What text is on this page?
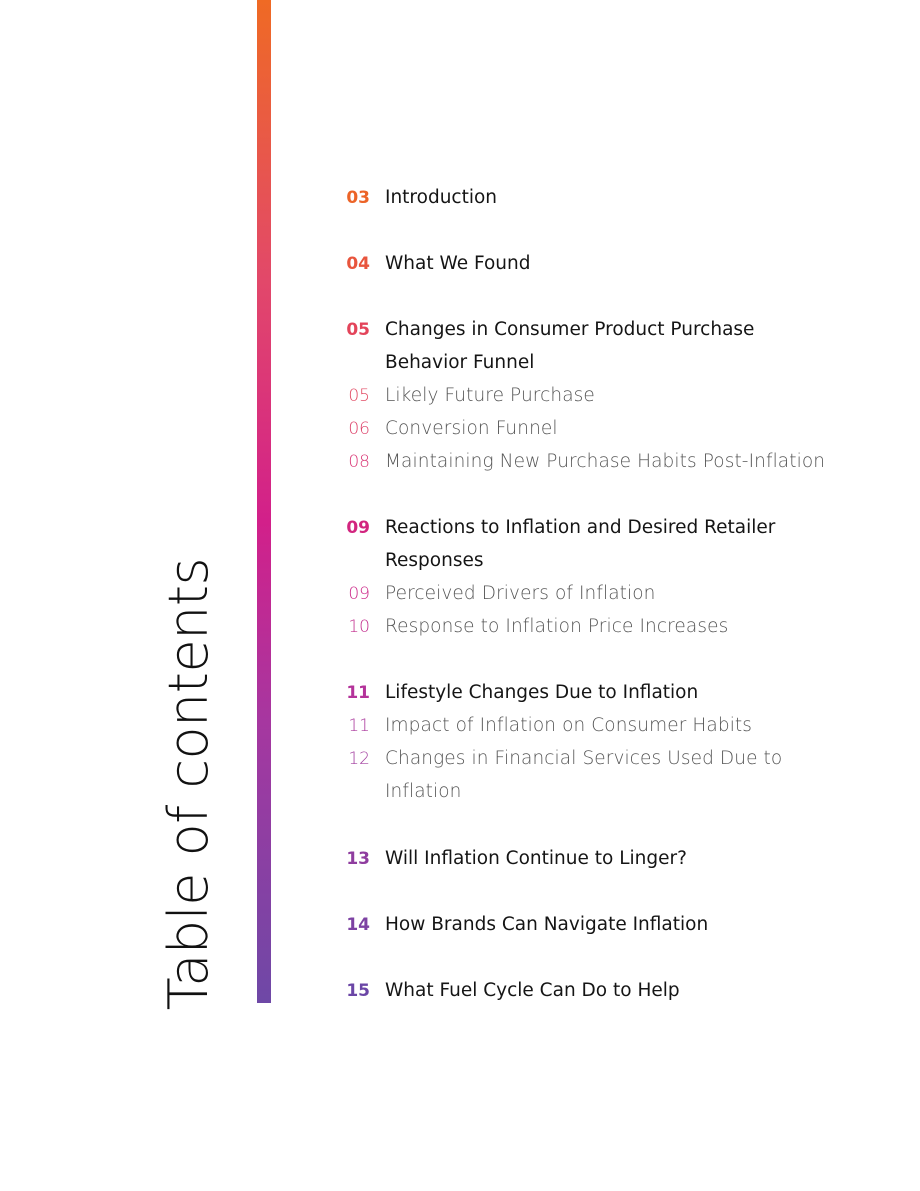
Table of contents
03 Introduction
04 What We Found
05 Changes in Consumer Product Purchase Behavior Funnel
05 Likely Future Purchase
06 Conversion Funnel
08 Maintaining New Purchase Habits Post-Inflation
09 Reactions to Inflation and Desired Retailer Responses
09 Perceived Drivers of Inflation
10 Response to Inflation Price Increases
11 Lifestyle Changes Due to Inflation
11 Impact of Inflation on Consumer Habits
12 Changes in Financial Services Used Due to Inflation
13 Will Inflation Continue to Linger?
14 How Brands Can Navigate Inflation
15 What Fuel Cycle Can Do to Help
